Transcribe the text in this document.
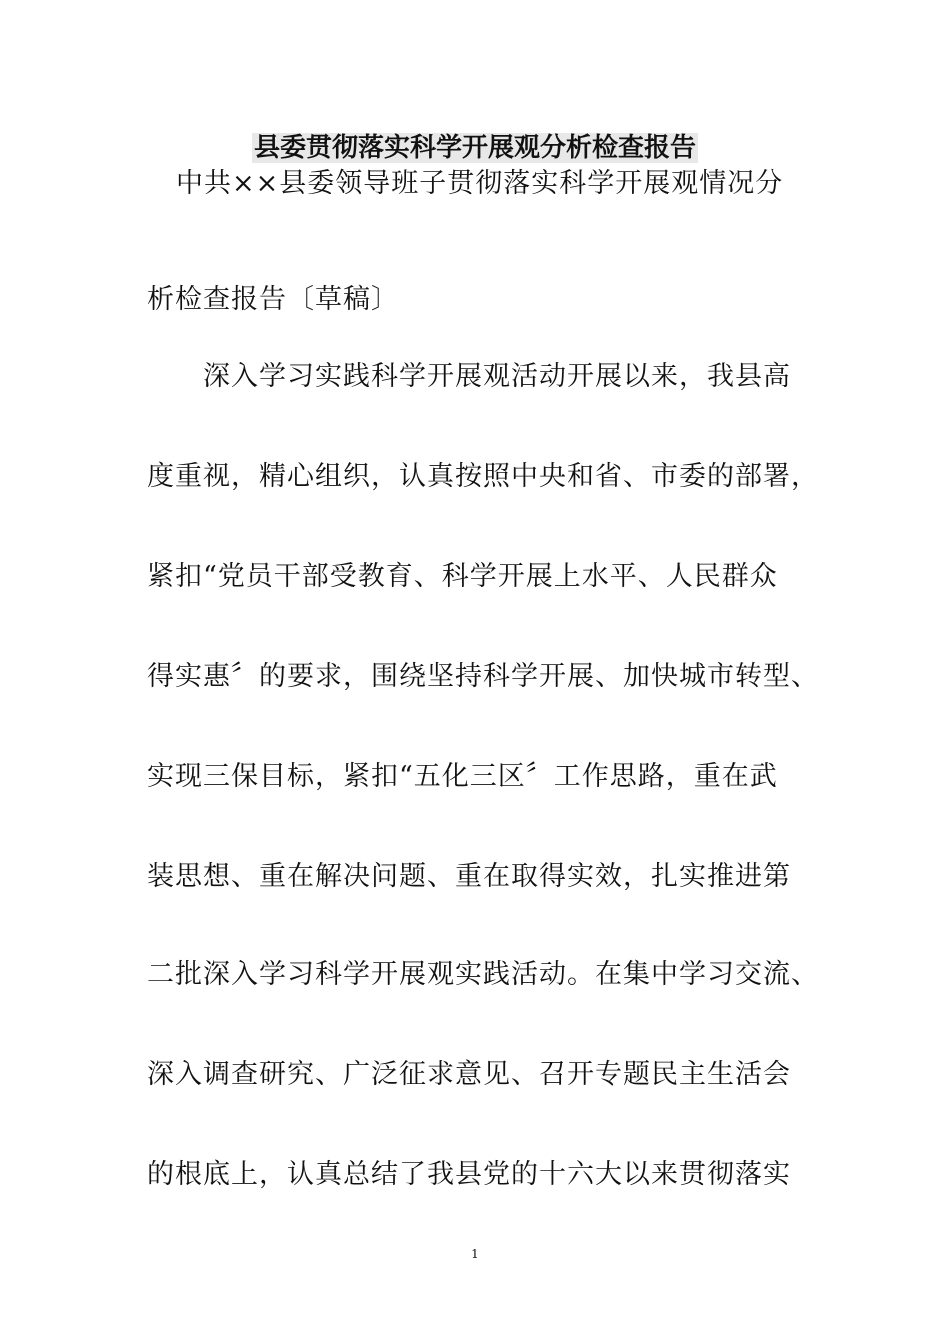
县委贯彻落实科学开展观分析检查报告

中共××县委领导班子贯彻落实科学开展观情况分

析检查报告〔草稿〕

深入学习实践科学开展观活动开展以来，我县高

度重视，精心组织，认真按照中央和省、市委的部署，

紧扣“党员干部受教育、科学开展上水平、人民群众

得实惠〞的要求，围绕坚持科学开展、加快城市转型、

实现三保目标，紧扣“五化三区〞工作思路，重在武

装思想、重在解决问题、重在取得实效，扎实推进第

二批深入学习科学开展观实践活动。在集中学习交流、

深入调查研究、广泛征求意见、召开专题民主生活会

的根底上，认真总结了我县党的十六大以来贯彻落实

1
